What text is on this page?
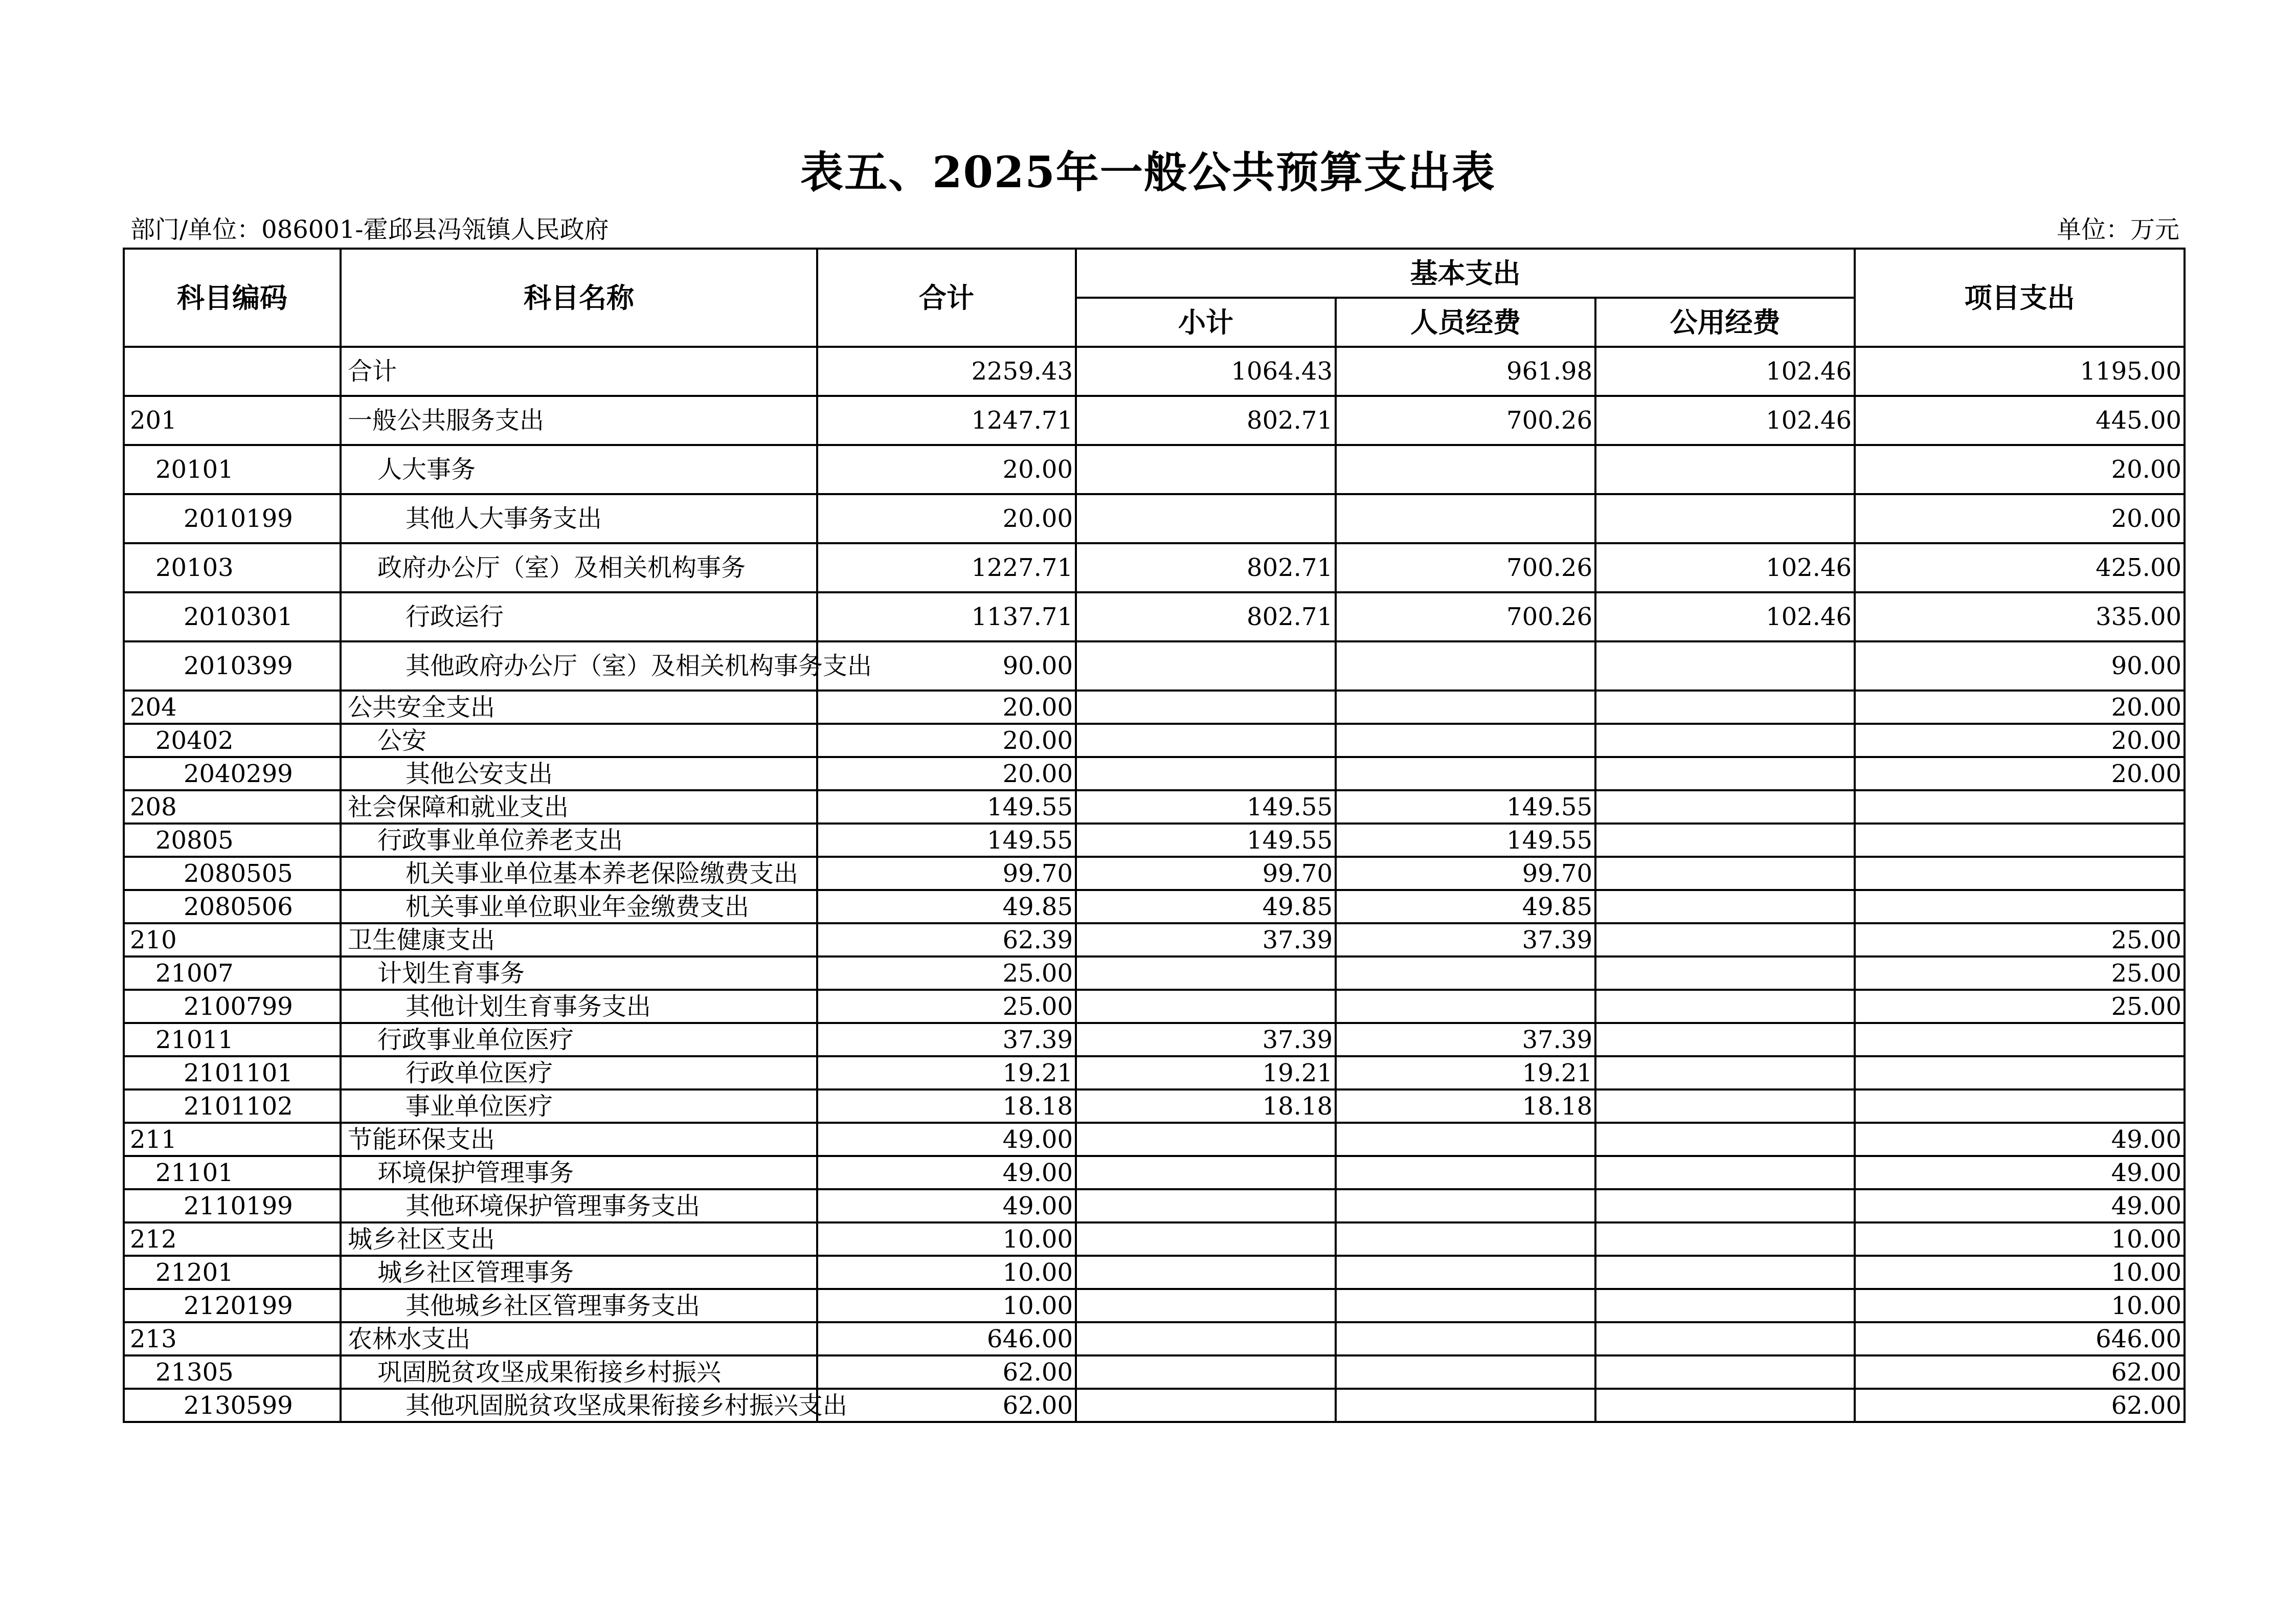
表五、2025年一般公共预算支出表
部门/单位：086001-霍邱县冯瓴镇人民政府	单位：万元
科目编码	科目名称	合计	基本支出			项目支出
			小计	人员经费	公用经费	
	合计	2259.43	1064.43	961.98	102.46	1195.00
201	一般公共服务支出	1247.71	802.71	700.26	102.46	445.00
20101	人大事务	20.00				20.00
2010199	其他人大事务支出	20.00				20.00
20103	政府办公厅（室）及相关机构事务	1227.71	802.71	700.26	102.46	425.00
2010301	行政运行	1137.71	802.71	700.26	102.46	335.00
2010399	其他政府办公厅（室）及相关机构事务支出	90.00				90.00
204	公共安全支出	20.00				20.00
20402	公安	20.00				20.00
2040299	其他公安支出	20.00				20.00
208	社会保障和就业支出	149.55	149.55	149.55		
20805	行政事业单位养老支出	149.55	149.55	149.55		
2080505	机关事业单位基本养老保险缴费支出	99.70	99.70	99.70		
2080506	机关事业单位职业年金缴费支出	49.85	49.85	49.85		
210	卫生健康支出	62.39	37.39	37.39		25.00
21007	计划生育事务	25.00				25.00
2100799	其他计划生育事务支出	25.00				25.00
21011	行政事业单位医疗	37.39	37.39	37.39		
2101101	行政单位医疗	19.21	19.21	19.21		
2101102	事业单位医疗	18.18	18.18	18.18		
211	节能环保支出	49.00				49.00
21101	环境保护管理事务	49.00				49.00
2110199	其他环境保护管理事务支出	49.00				49.00
212	城乡社区支出	10.00				10.00
21201	城乡社区管理事务	10.00				10.00
2120199	其他城乡社区管理事务支出	10.00				10.00
213	农林水支出	646.00				646.00
21305	巩固脱贫攻坚成果衔接乡村振兴	62.00				62.00
2130599	其他巩固脱贫攻坚成果衔接乡村振兴支出	62.00				62.00
